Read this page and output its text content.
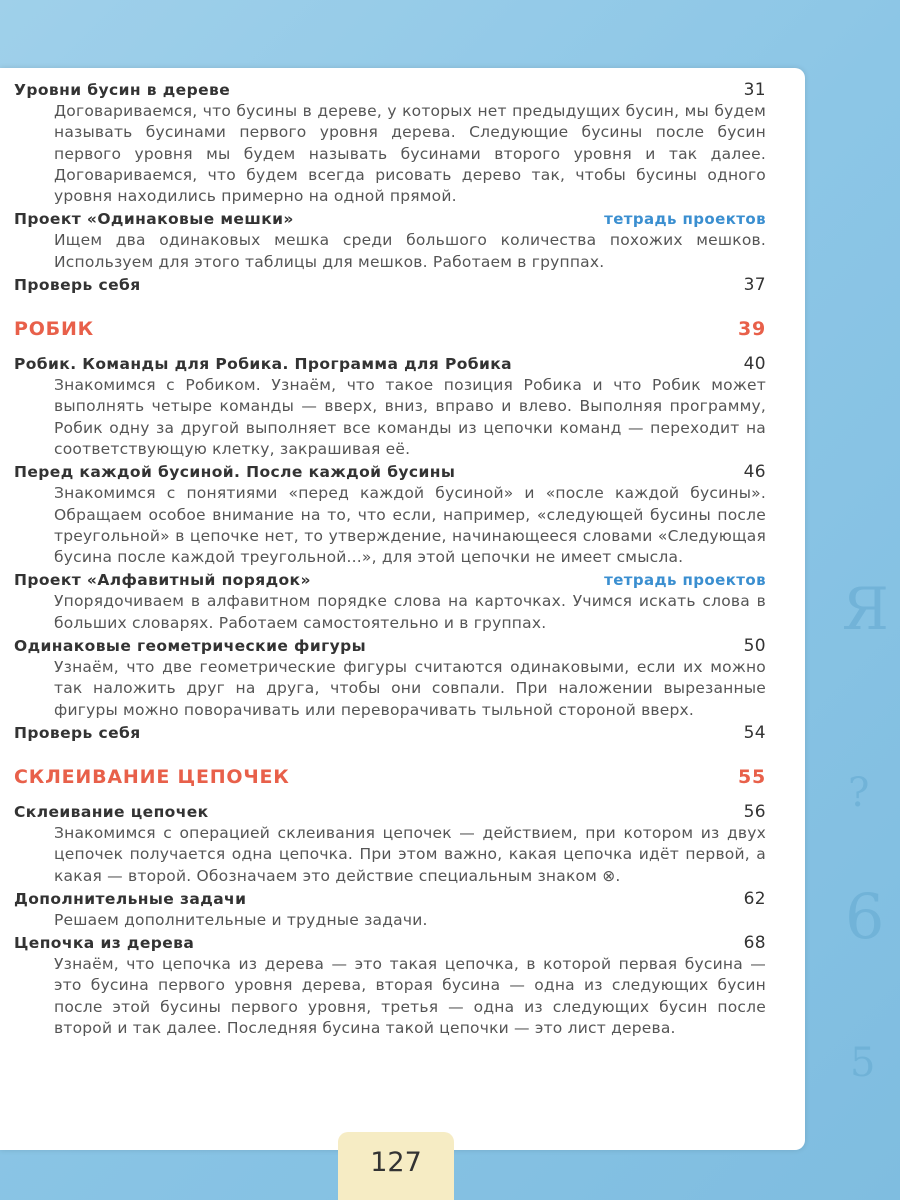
Я
?
6
5
Уровни бусин в дереве	31
Договариваемся, что бусины в дереве, у которых нет предыдущих бусин, мы будем называть бусинами первого уровня дерева. Следующие бусины после бусин первого уровня мы будем называть бусинами второго уровня и так далее. Договариваемся, что будем всегда рисовать дерево так, чтобы бусины одного уровня находились примерно на одной прямой.
Проект «Одинаковые мешки»	тетрадь проектов
Ищем два одинаковых мешка среди большого количества похожих мешков. Используем для этого таблицы для мешков. Работаем в группах.
Проверь себя	37
РОБИК	39
Робик. Команды для Робика. Программа для Робика	40
Знакомимся с Робиком. Узнаём, что такое позиция Робика и что Робик может выполнять четыре команды — вверх, вниз, вправо и влево. Выполняя программу, Робик одну за другой выполняет все команды из цепочки команд — переходит на соответствующую клетку, закрашивая её.
Перед каждой бусиной. После каждой бусины	46
Знакомимся с понятиями «перед каждой бусиной» и «после каждой бусины». Обращаем особое внимание на то, что если, например, «следующей бусины после треугольной» в цепочке нет, то утверждение, начинающееся словами «Следующая бусина после каждой треугольной...», для этой цепочки не имеет смысла.
Проект «Алфавитный порядок»	тетрадь проектов
Упорядочиваем в алфавитном порядке слова на карточках. Учимся искать слова в больших словарях. Работаем самостоятельно и в группах.
Одинаковые геометрические фигуры	50
Узнаём, что две геометрические фигуры считаются одинаковыми, если их можно так наложить друг на друга, чтобы они совпали. При наложении вырезанные фигуры можно поворачивать или переворачивать тыльной стороной вверх.
Проверь себя	54
СКЛЕИВАНИЕ ЦЕПОЧЕК	55
Склеивание цепочек	56
Знакомимся с операцией склеивания цепочек — действием, при котором из двух цепочек получается одна цепочка. При этом важно, какая цепочка идёт первой, а какая — второй. Обозначаем это действие специальным знаком ⊗.
Дополнительные задачи	62
Решаем дополнительные и трудные задачи.
Цепочка из дерева	68
Узнаём, что цепочка из дерева — это такая цепочка, в которой первая бусина — это бусина первого уровня дерева, вторая бусина — одна из следующих бусин после этой бусины первого уровня, третья — одна из следующих бусин после второй и так далее. Последняя бусина такой цепочки — это лист дерева.
127
